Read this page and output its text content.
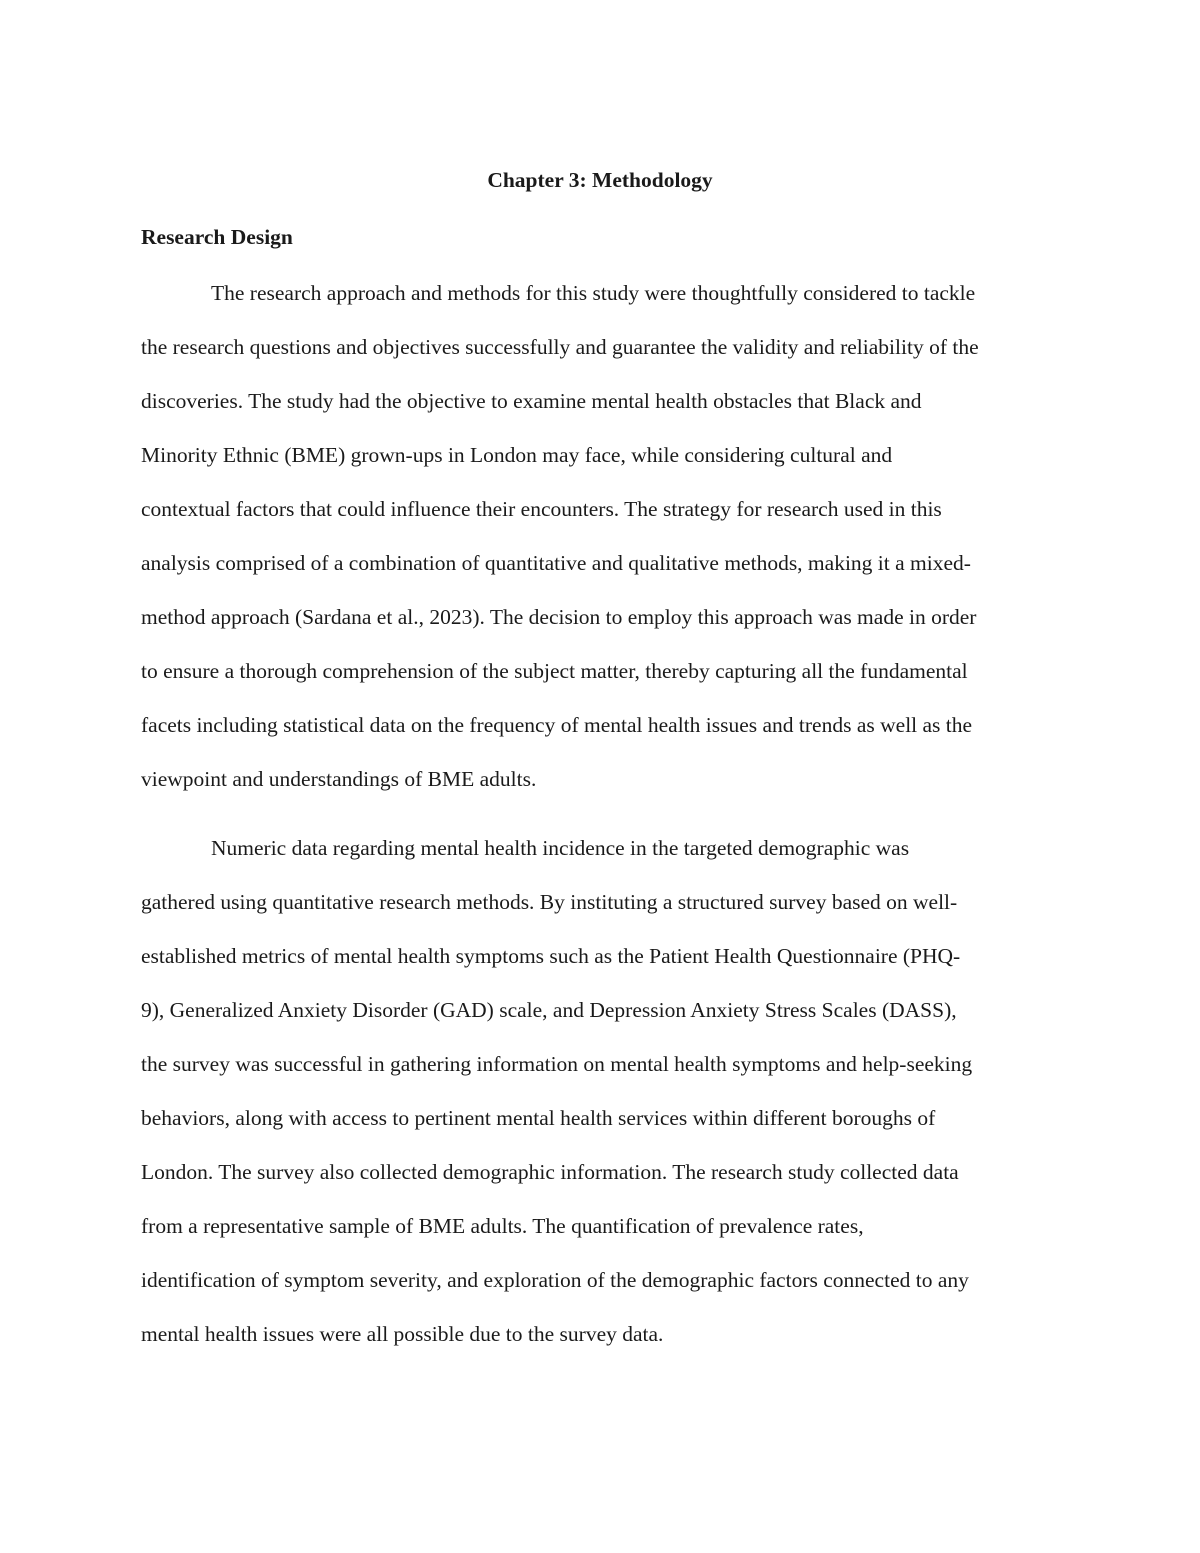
Chapter 3: Methodology
Research Design

The research approach and methods for this study were thoughtfully considered to tackle

the research questions and objectives successfully and guarantee the validity and reliability of the

discoveries. The study had the objective to examine mental health obstacles that Black and

Minority Ethnic (BME) grown-ups in London may face, while considering cultural and

contextual factors that could influence their encounters. The strategy for research used in this

analysis comprised of a combination of quantitative and qualitative methods, making it a mixed-

method approach (Sardana et al., 2023). The decision to employ this approach was made in order

to ensure a thorough comprehension of the subject matter, thereby capturing all the fundamental

facets including statistical data on the frequency of mental health issues and trends as well as the

viewpoint and understandings of BME adults.

Numeric data regarding mental health incidence in the targeted demographic was

gathered using quantitative research methods. By instituting a structured survey based on well-

established metrics of mental health symptoms such as the Patient Health Questionnaire (PHQ-

9), Generalized Anxiety Disorder (GAD) scale, and Depression Anxiety Stress Scales (DASS),

the survey was successful in gathering information on mental health symptoms and help-seeking

behaviors, along with access to pertinent mental health services within different boroughs of

London. The survey also collected demographic information. The research study collected data

from a representative sample of BME adults. The quantification of prevalence rates,

identification of symptom severity, and exploration of the demographic factors connected to any

mental health issues were all possible due to the survey data.
